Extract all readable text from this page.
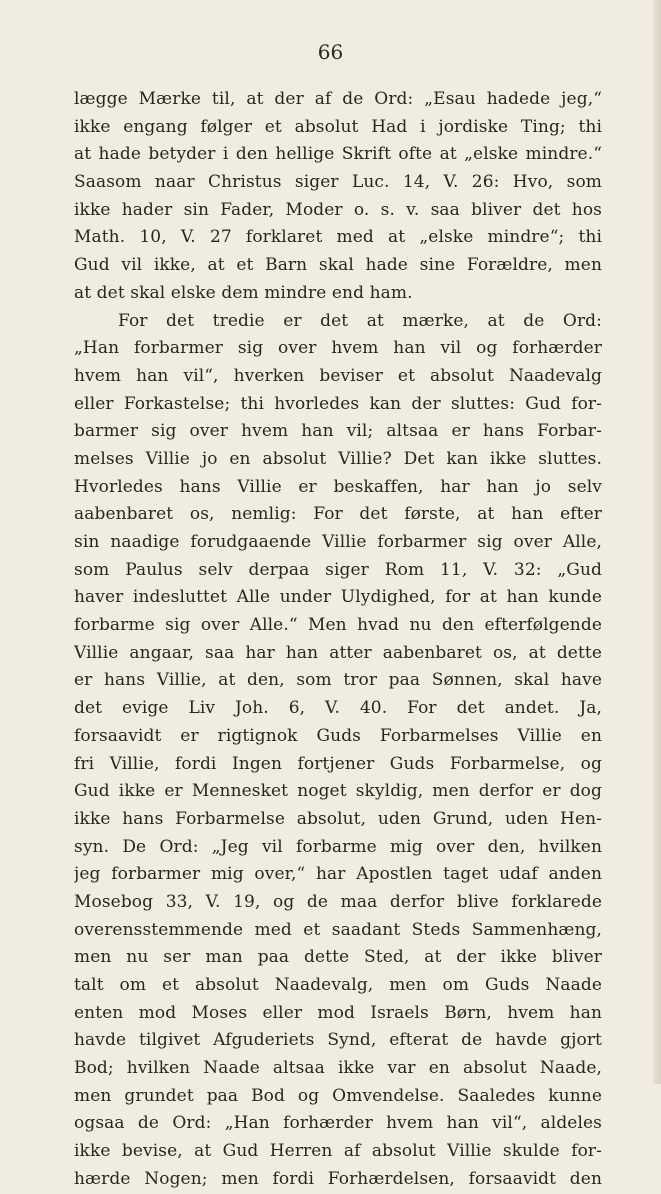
66
lægge Mærke til, at der af de Ord: „Esau hadede jeg,“
ikke engang følger et absolut Had i jordiske Ting; thi
at hade betyder i den hellige Skrift ofte at „elske mindre.“
Saasom naar Christus siger Luc. 14, V. 26: Hvo, som
ikke hader sin Fader, Moder o. s. v. saa bliver det hos
Math. 10, V. 27 forklaret med at „elske mindre“; thi
Gud vil ikke, at et Barn skal hade sine Forældre, men
at det skal elske dem mindre end ham.
For det tredie er det at mærke, at de Ord:
„Han forbarmer sig over hvem han vil og forhærder
hvem han vil“, hverken beviser et absolut Naadevalg
eller Forkastelse; thi hvorledes kan der sluttes: Gud for-
barmer sig over hvem han vil; altsaa er hans Forbar-
melses Villie jo en absolut Villie? Det kan ikke sluttes.
Hvorledes hans Villie er beskaffen, har han jo selv
aabenbaret os, nemlig: For det første, at han efter
sin naadige forudgaaende Villie forbarmer sig over Alle,
som Paulus selv derpaa siger Rom 11, V. 32: „Gud
haver indesluttet Alle under Ulydighed, for at han kunde
forbarme sig over Alle.“ Men hvad nu den efterfølgende
Villie angaar, saa har han atter aabenbaret os, at dette
er hans Villie, at den, som tror paa Sønnen, skal have
det evige Liv Joh. 6, V. 40. For det andet. Ja,
forsaavidt er rigtignok Guds Forbarmelses Villie en
fri Villie, fordi Ingen fortjener Guds Forbarmelse, og
Gud ikke er Mennesket noget skyldig, men derfor er dog
ikke hans Forbarmelse absolut, uden Grund, uden Hen-
syn. De Ord: „Jeg vil forbarme mig over den, hvilken
jeg forbarmer mig over,“ har Apostlen taget udaf anden
Mosebog 33, V. 19, og de maa derfor blive forklarede
overensstemmende med et saadant Steds Sammenhæng,
men nu ser man paa dette Sted, at der ikke bliver
talt om et absolut Naadevalg, men om Guds Naade
enten mod Moses eller mod Israels Børn, hvem han
havde tilgivet Afguderiets Synd, efterat de havde gjort
Bod; hvilken Naade altsaa ikke var en absolut Naade,
men grundet paa Bod og Omvendelse. Saaledes kunne
ogsaa de Ord: „Han forhærder hvem han vil“, aldeles
ikke bevise, at Gud Herren af absolut Villie skulde for-
hærde Nogen; men fordi Forhærdelsen, forsaavidt den
